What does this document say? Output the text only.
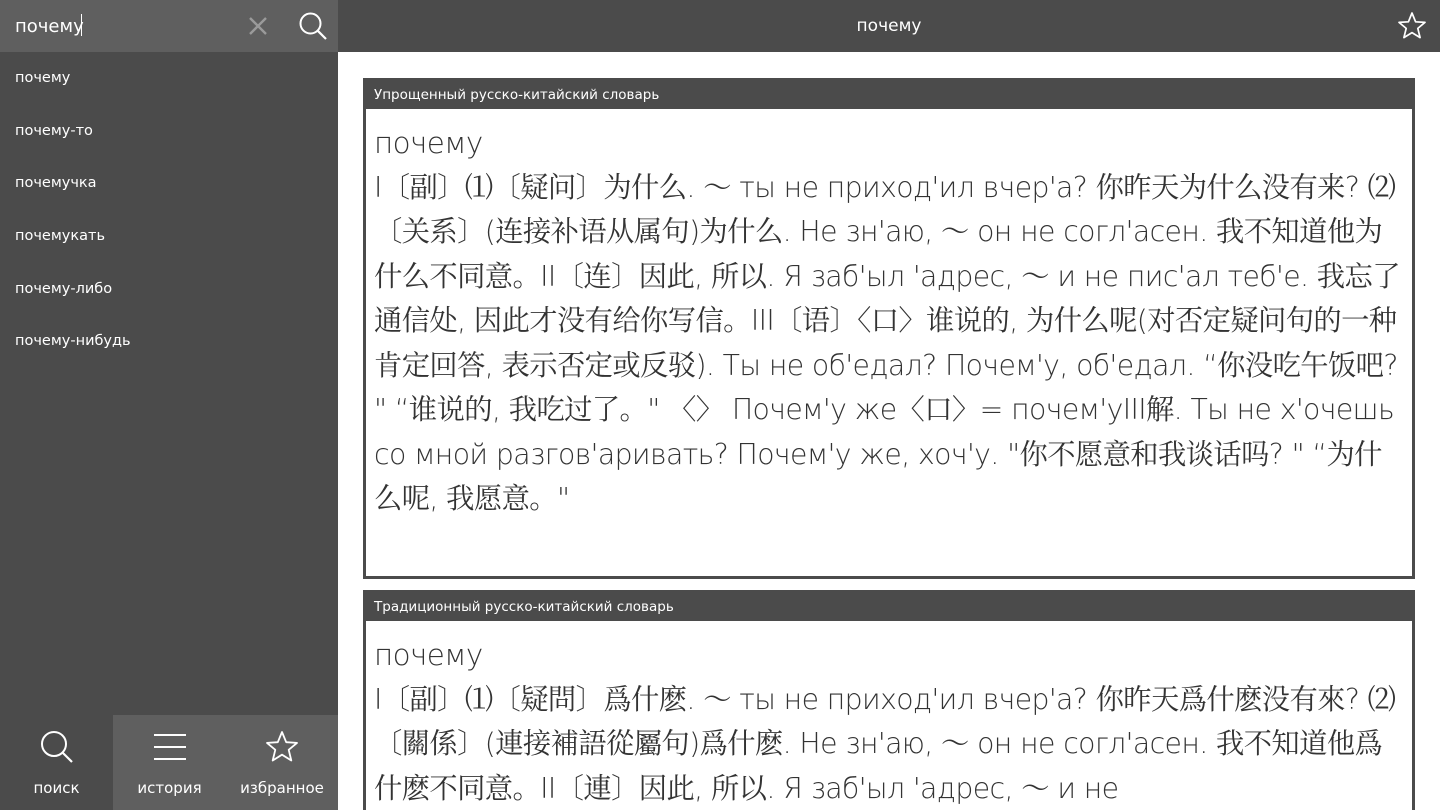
почему
почему
почему-то
почемучка
почемукать
почему-либо
почему-нибудь
поиск	история	избранное
почему
Упрощенный русско-китайский словарь
почему
I〔副〕⑴〔疑问〕为什么. ～ ты не приход'ил вчер'а? 你昨天为什么没有来? ⑵〔关系〕(连接补语从属句)为什么. Не зн'аю, ～ он не согл'асен. 我不知道他为什么不同意。II〔连〕因此, 所以. Я заб'ыл 'адрес, ～ и не пис'ал теб'е. 我忘了通信处, 因此才没有给你写信。III〔语〕〈口〉谁说的, 为什么呢(对否定疑问句的一种肯定回答, 表示否定或反驳). Ты не об'едал? Почем'у, об'едал. “你没吃午饭吧? " “谁说的, 我吃过了。" 〈〉 Почем'у же〈口〉= почем'уIII解. Ты не х'очешь со мной разгов'аривать? Почем'у же, хоч'у. "你不愿意和我谈话吗? " “为什么呢, 我愿意。"
Традиционный русско-китайский словарь
почему
I〔副〕⑴〔疑問〕爲什麽. ～ ты не приход'ил вчер'а? 你昨天爲什麽没有來? ⑵〔關係〕(連接補語從屬句)爲什麽. Не зн'аю, ～ он не согл'асен. 我不知道他爲什麽不同意。II〔連〕因此, 所以. Я заб'ыл 'адрес, ～ и не
